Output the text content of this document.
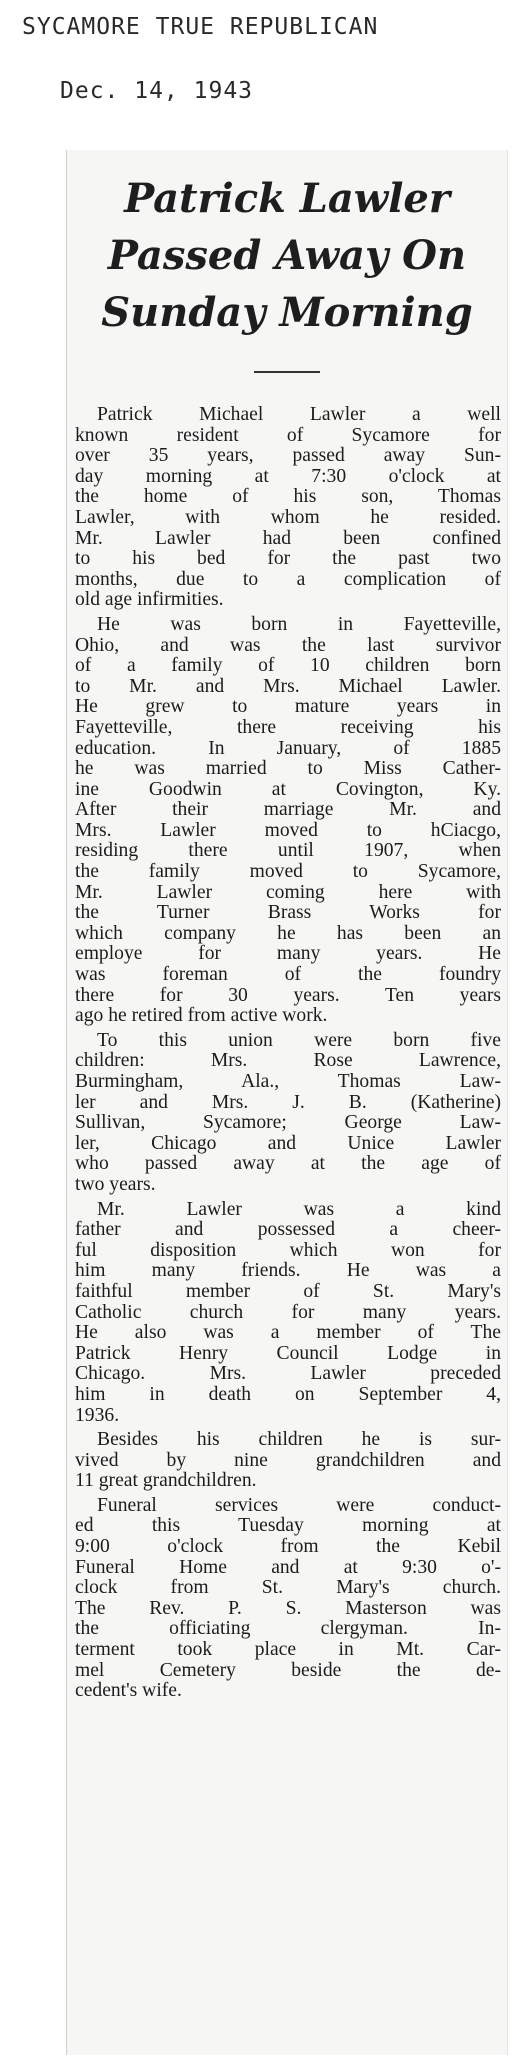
SYCAMORE TRUE REPUBLICAN
Dec. 14, 1943
Patrick Lawler
Passed Away On
Sunday Morning
Patrick Michael Lawler a well
known resident of Sycamore for
over 35 years, passed away Sun-
day morning at 7:30 o'clock at
the home of his son, Thomas
Lawler, with whom he resided.
Mr. Lawler had been confined
to his bed for the past two
months, due to a complication of
old age infirmities.
He was born in Fayetteville,
Ohio, and was the last survivor
of a family of 10 children born
to Mr. and Mrs. Michael Lawler.
He grew to mature years in
Fayetteville, there receiving his
education. In January, of 1885
he was married to Miss Cather-
ine Goodwin at Covington, Ky.
After their marriage Mr. and
Mrs. Lawler moved to hCiacgo,
residing there until 1907, when
the family moved to Sycamore,
Mr. Lawler coming here with
the Turner Brass Works for
which company he has been an
employe for many years. He
was foreman of the foundry
there for 30 years. Ten years
ago he retired from active work.
To this union were born five
children: Mrs. Rose Lawrence,
Burmingham, Ala., Thomas Law-
ler and Mrs. J. B. (Katherine)
Sullivan, Sycamore; George Law-
ler, Chicago and Unice Lawler
who passed away at the age of
two years.
Mr. Lawler was a kind
father and possessed a cheer-
ful disposition which won for
him many friends. He was a
faithful member of St. Mary's
Catholic church for many years.
He also was a member of The
Patrick Henry Council Lodge in
Chicago. Mrs. Lawler preceded
him in death on September 4,
1936.
Besides his children he is sur-
vived by nine grandchildren and
11 great grandchildren.
Funeral services were conduct-
ed this Tuesday morning at
9:00 o'clock from the Kebil
Funeral Home and at 9:30 o'-
clock from St. Mary's church.
The Rev. P. S. Masterson was
the officiating clergyman. In-
terment took place in Mt. Car-
mel Cemetery beside the de-
cedent's wife.
